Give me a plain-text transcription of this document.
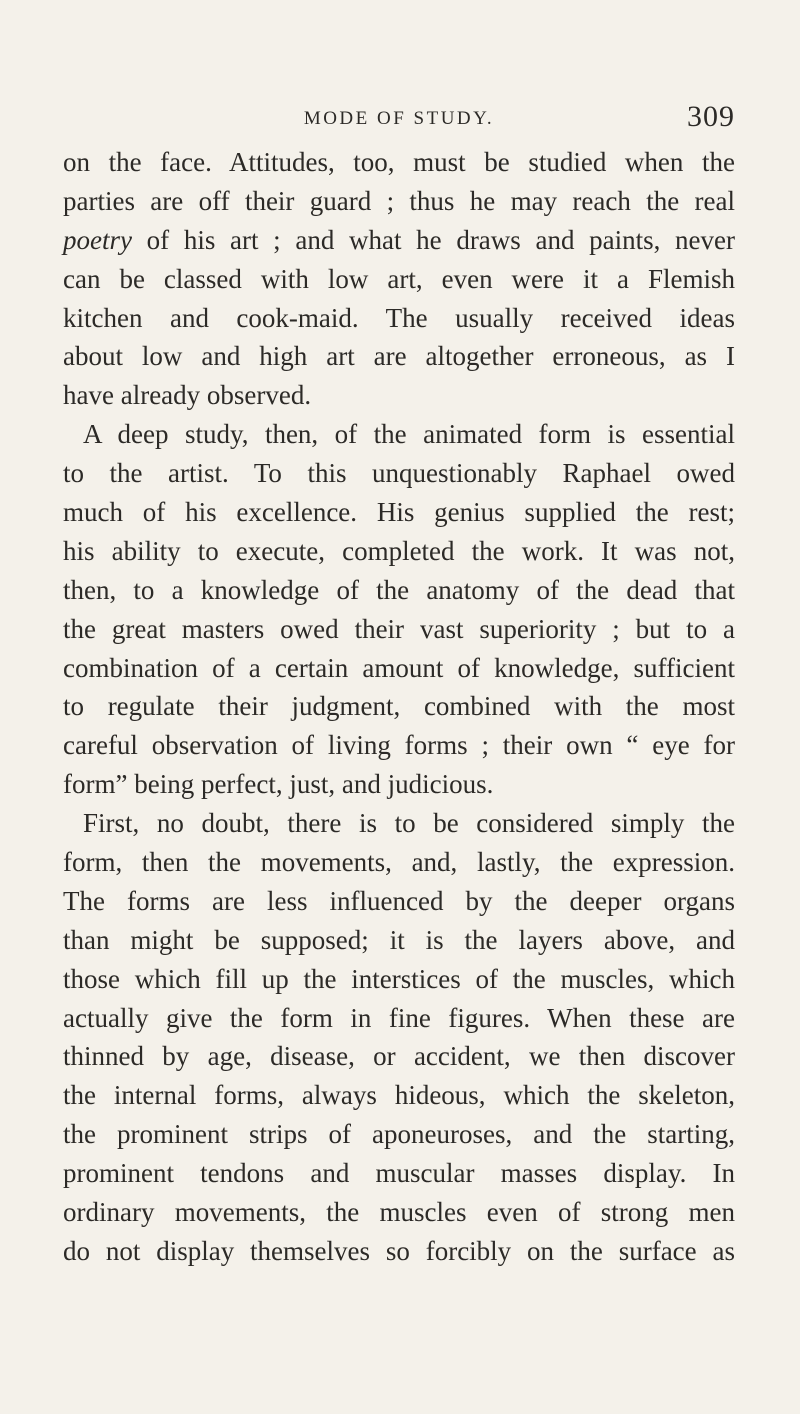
MODE OF STUDY.	309
on the face. Attitudes, too, must be studied when the
parties are off their guard ; thus he may reach the real
poetry of his art ; and what he draws and paints, never
can be classed with low art, even were it a Flemish
kitchen and cook-maid. The usually received ideas
about low and high art are altogether erroneous, as I
have already observed.
A deep study, then, of the animated form is essential
to the artist. To this unquestionably Raphael owed
much of his excellence. His genius supplied the rest;
his ability to execute, completed the work. It was not,
then, to a knowledge of the anatomy of the dead that
the great masters owed their vast superiority ; but to a
combination of a certain amount of knowledge, sufficient
to regulate their judgment, combined with the most
careful observation of living forms ; their own “ eye for
form” being perfect, just, and judicious.
First, no doubt, there is to be considered simply the
form, then the movements, and, lastly, the expression.
The forms are less influenced by the deeper organs
than might be supposed; it is the layers above, and
those which fill up the interstices of the muscles, which
actually give the form in fine figures. When these are
thinned by age, disease, or accident, we then discover
the internal forms, always hideous, which the skeleton,
the prominent strips of aponeuroses, and the starting,
prominent tendons and muscular masses display. In
ordinary movements, the muscles even of strong men
do not display themselves so forcibly on the surface as
